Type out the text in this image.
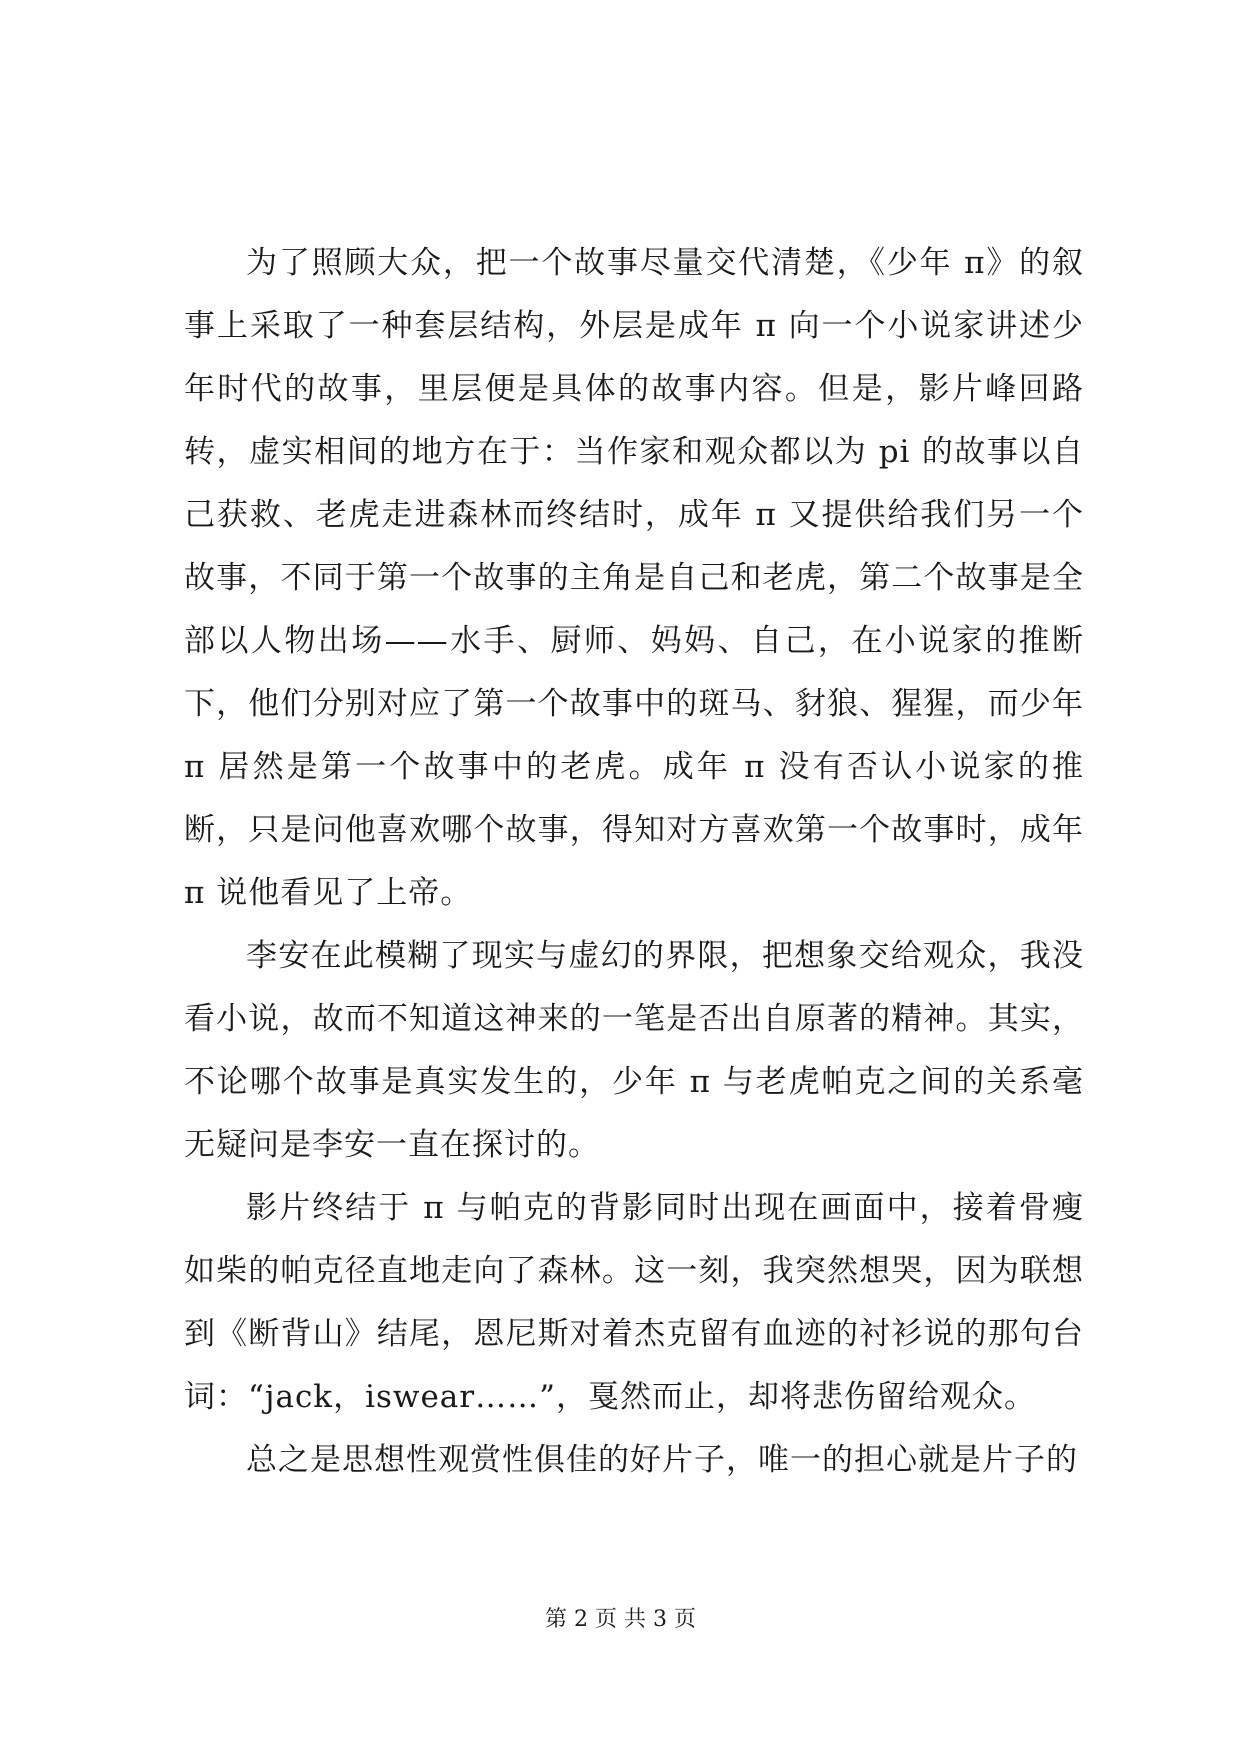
为了照顾大众，把一个故事尽量交代清楚，《少年 π》的叙事上采取了一种套层结构，外层是成年 π 向一个小说家讲述少年时代的故事，里层便是具体的故事内容。但是，影片峰回路转，虚实相间的地方在于：当作家和观众都以为 pi 的故事以自己获救、老虎走进森林而终结时，成年 π 又提供给我们另一个故事，不同于第一个故事的主角是自己和老虎，第二个故事是全部以人物出场——水手、厨师、妈妈、自己，在小说家的推断下，他们分别对应了第一个故事中的斑马、豺狼、猩猩，而少年 π 居然是第一个故事中的老虎。成年 π 没有否认小说家的推断，只是问他喜欢哪个故事，得知对方喜欢第一个故事时，成年 π 说他看见了上帝。

李安在此模糊了现实与虚幻的界限，把想象交给观众，我没看小说，故而不知道这神来的一笔是否出自原著的精神。其实，不论哪个故事是真实发生的，少年 π 与老虎帕克之间的关系毫无疑问是李安一直在探讨的。

影片终结于 π 与帕克的背影同时出现在画面中，接着骨瘦如柴的帕克径直地走向了森林。这一刻，我突然想哭，因为联想到《断背山》结尾，恩尼斯对着杰克留有血迹的衬衫说的那句台词：“jack，iswear……”，戛然而止，却将悲伤留给观众。

总之是思想性观赏性俱佳的好片子，唯一的担心就是片子的

第 2 页 共 3 页
